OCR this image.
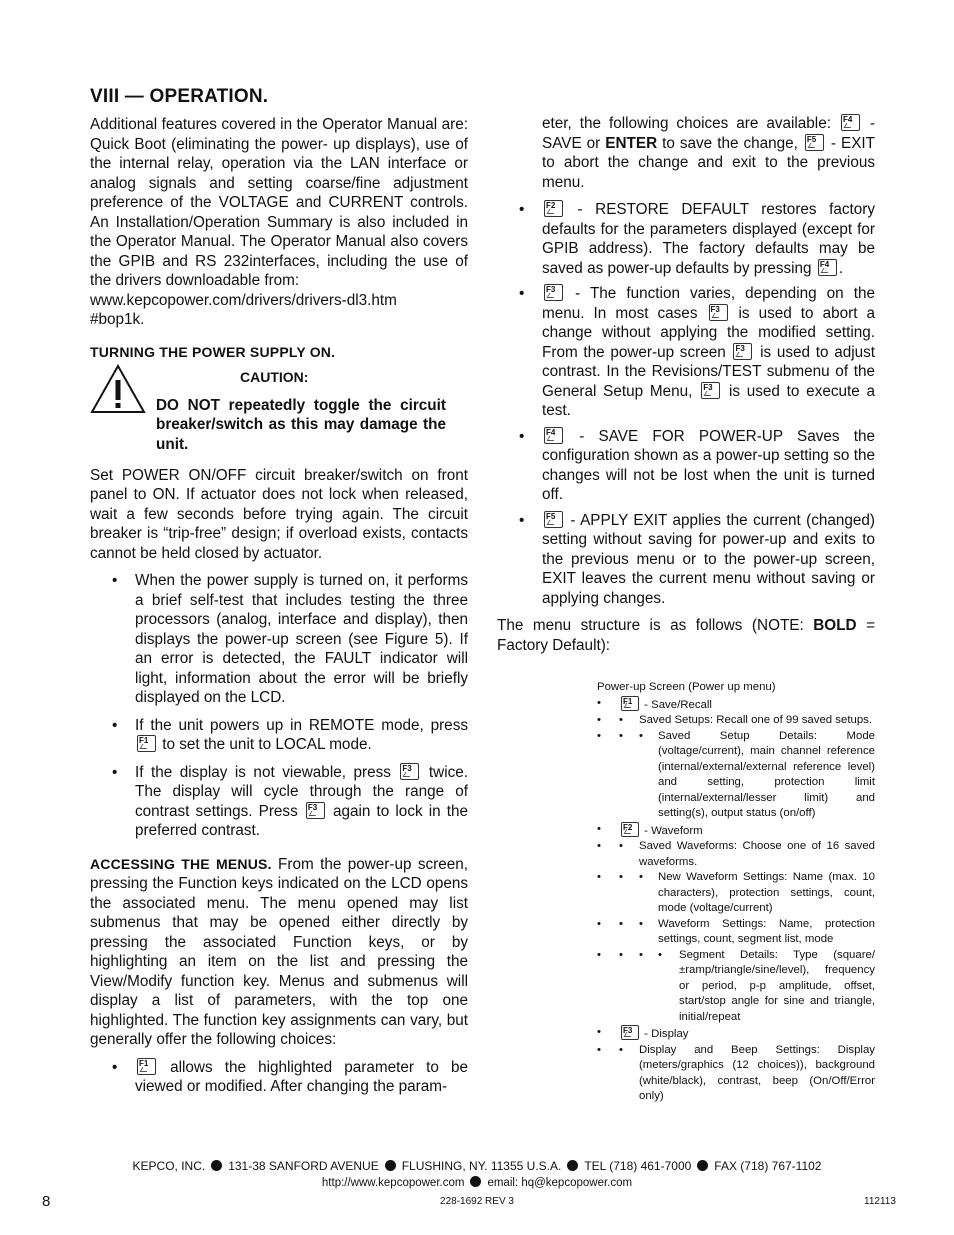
VIII — OPERATION.

Additional features covered in the Operator Manual are: Quick Boot (eliminating the power- up displays), use of the internal relay, operation via the LAN interface or analog signals and setting coarse/fine adjustment preference of the VOLTAGE and CURRENT controls. An Installation/Operation Summary is also included in the Operator Manual. The Operator Manual also covers the GPIB and RS 232interfaces, including the use of the drivers downloadable from:

www.kepcopower.com/drivers/drivers-dl3.htm

#bop1k.

TURNING THE POWER SUPPLY ON.

CAUTION:
DO NOT repeatedly toggle the circuit breaker/switch as this may damage the unit.

Set POWER ON/OFF circuit breaker/switch on front panel to ON. If actuator does not lock when released, wait a few seconds before trying again. The circuit breaker is “trip-free” design; if overload exists, contacts cannot be held closed by actuator.

• When the power supply is turned on, it performs a brief self-test that includes testing the three processors (analog, interface and display), then displays the power-up screen (see Figure 5). If an error is detected, the FAULT indicator will light, information about the error will be briefly displayed on the LCD.
• If the unit powers up in REMOTE mode, press
F1 to set the unit to LOCAL mode.
• If the display is not viewable, press F3 twice. The display will cycle through the range of contrast settings. Press F3 again to lock in the preferred contrast.

ACCESSING THE MENUS. From the power-up screen, pressing the Function keys indicated on the LCD opens the associated menu. The menu opened may list submenus that may be opened either directly by pressing the associated Function keys, or by highlighting an item on the list and pressing the View/Modify function key. Menus and submenus will display a list of parameters, with the top one highlighted. The function key assignments can vary, but generally offer the following choices:

•	F1 allows the highlighted parameter to be viewed or modified. After changing the param-

eter, the following choices are available: F4 - SAVE or ENTER to save the change, F5 - EXIT to abort the change and exit to the previous menu.

•	F2 - RESTORE DEFAULT restores factory defaults for the parameters displayed (except for GPIB address). The factory defaults may be saved as power-up defaults by pressing F4 .
•	F3 - The function varies, depending on the menu. In most cases F3 is used to abort a change without applying the modified setting. From the power-up screen F3 is used to adjust contrast. In the Revisions/TEST submenu of the General Setup Menu, F3 is used to execute a test.
•	F4 - SAVE FOR POWER-UP Saves the configuration shown as a power-up setting so the changes will not be lost when the unit is turned off.
•	F5 - APPLY EXIT applies the current (changed) setting without saving for power-up and exits to the previous menu or to the power-up screen, EXIT leaves the current menu without saving or applying changes.

The menu structure is as follows (NOTE: BOLD = Factory Default):

Power-up Screen (Power up menu)
•	F1 - Save/Recall
• • Saved Setups: Recall one of 99 saved setups.
• • • Saved Setup Details: Mode (voltage/current), main channel reference (internal/external/external reference level) and setting, protection limit (internal/external/lesser limit) and setting(s), output status (on/off)
•	F2 - Waveform
• • Saved Waveforms: Choose one of 16 saved waveforms.
• • • New Waveform Settings: Name (max. 10 characters), protection settings, count, mode (voltage/current)
• • • Waveform Settings: Name, protection settings, count, segment list, mode
• • • • Segment Details: Type (square/±ramp/triangle/sine/level), frequency or period, p-p amplitude, offset, start/stop angle for sine and triangle, initial/repeat
•	F3 - Display
• • Display and Beep Settings: Display (meters/graphics (12 choices)), background (white/black), contrast, beep (On/Off/Error only)
KEPCO, INC. 131-38 SANFORD AVENUE FLUSHING, NY. 11355 U.S.A. TEL (718) 461-7000 FAX (718) 767-1102
http://www.kepcopower.com email: hq@kepcopower.com
228-1692 REV 3
8	112113
